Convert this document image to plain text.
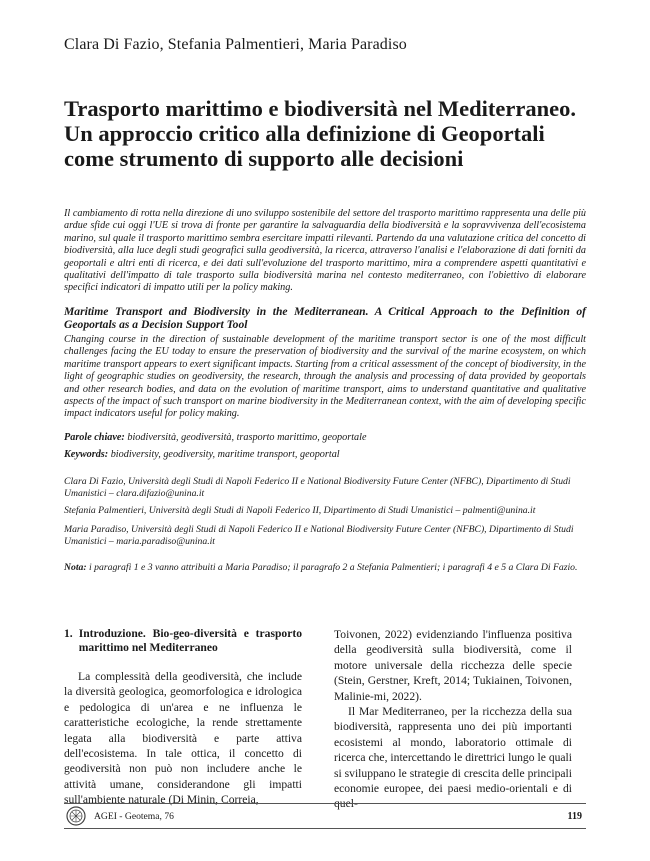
Clara Di Fazio, Stefania Palmentieri, Maria Paradiso
Trasporto marittimo e biodiversità nel Mediterraneo.
Un approccio critico alla definizione di Geoportali
come strumento di supporto alle decisioni
Il cambiamento di rotta nella direzione di uno sviluppo sostenibile del settore del trasporto marittimo rappresenta una delle più ardue sfide cui oggi l'UE si trova di fronte per garantire la salvaguardia della biodiversità e la sopravvivenza dell'ecosistema marino, sul quale il trasporto marittimo sembra esercitare impatti rilevanti. Partendo da una valutazione critica del concetto di biodiversità, alla luce degli studi geografici sulla geodiversità, la ricerca, attraverso l'analisi e l'elaborazione di dati forniti da geoportali e altri enti di ricerca, e dei dati sull'evoluzione del trasporto marittimo, mira a comprendere aspetti quantitativi e qualitativi dell'impatto di tale trasporto sulla biodiversità marina nel contesto mediterraneo, con l'obiettivo di elaborare specifici indicatori di impatto utili per la policy making.
Maritime Transport and Biodiversity in the Mediterranean. A Critical Approach to the Definition of Geoportals as a Decision Support Tool
Changing course in the direction of sustainable development of the maritime transport sector is one of the most difficult challenges facing the EU today to ensure the preservation of biodiversity and the survival of the marine ecosystem, on which maritime transport appears to exert significant impacts. Starting from a critical assessment of the concept of biodiversity, in the light of geographic studies on geodiversity, the research, through the analysis and processing of data provided by geoportals and other research bodies, and data on the evolution of maritime transport, aims to understand quantitative and qualitative aspects of the impact of such transport on marine biodiversity in the Mediterranean context, with the aim of developing specific impact indicators useful for policy making.
Parole chiave: biodiversità, geodiversità, trasporto marittimo, geoportale
Keywords: biodiversity, geodiversity, maritime transport, geoportal
Clara Di Fazio, Università degli Studi di Napoli Federico II e National Biodiversity Future Center (NFBC), Dipartimento di Studi Umanistici – clara.difazio@unina.it
Stefania Palmentieri, Università degli Studi di Napoli Federico II, Dipartimento di Studi Umanistici – palmenti@unina.it
Maria Paradiso, Università degli Studi di Napoli Federico II e National Biodiversity Future Center (NFBC), Dipartimento di Studi Umanistici – maria.paradiso@unina.it
Nota: i paragrafi 1 e 3 vanno attribuiti a Maria Paradiso; il paragrafo 2 a Stefania Palmentieri; i paragrafi 4 e 5 a Clara Di Fazio.
1. Introduzione. Bio-geo-diversità e trasporto marittimo nel Mediterraneo

La complessità della geodiversità, che include la diversità geologica, geomorfologica e idrologica e pedologica di un'area e ne influenza le caratteristiche ecologiche, la rende strettamente legata alla biodiversità e parte attiva dell'ecosistema. In tale ottica, il concetto di geodiversità non può non includere anche le attività umane, considerandone gli impatti sull'ambiente naturale (Di Minin, Correia,

Toivonen, 2022) evidenziando l'influenza positiva della geodiversità sulla biodiversità, come il motore universale della ricchezza delle specie (Stein, Gerstner, Kreft, 2014; Tukiainen, Toivonen, Malinie-mi, 2022).

Il Mar Mediterraneo, per la ricchezza della sua biodiversità, rappresenta uno dei più importanti ecosistemi al mondo, laboratorio ottimale di ricerca che, intercettando le direttrici lungo le quali si sviluppano le strategie di crescita delle principali economie europee, dei paesi medio-orientali e di quel-

AGEI - Geotema, 76	119
